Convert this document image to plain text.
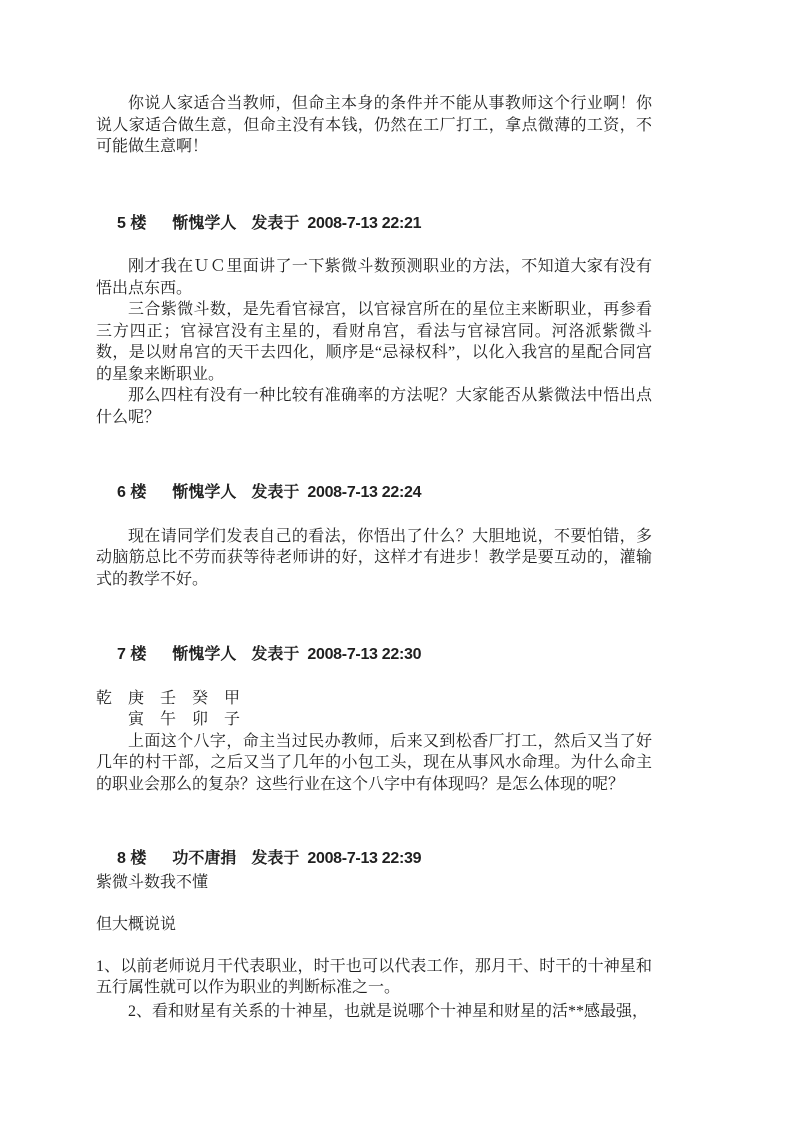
你说人家适合当教师，但命主本身的条件并不能从事教师这个行业啊！你说人家适合做生意，但命主没有本钱，仍然在工厂打工，拿点微薄的工资，不可能做生意啊！

5 楼 惭愧学人 发表于 2008-7-13 22:21

刚才我在ＵＣ里面讲了一下紫微斗数预测职业的方法，不知道大家有没有悟出点东西。

三合紫微斗数，是先看官禄宫，以官禄宫所在的星位主来断职业，再参看三方四正；官禄宫没有主星的，看财帛宫，看法与官禄宫同。河洛派紫微斗数，是以财帛宫的天干去四化，顺序是“忌禄权科”，以化入我宫的星配合同宫的星象来断职业。

那么四柱有没有一种比较有准确率的方法呢？大家能否从紫微法中悟出点什么呢？

6 楼 惭愧学人 发表于 2008-7-13 22:24

现在请同学们发表自己的看法，你悟出了什么？大胆地说，不要怕错，多动脑筋总比不劳而获等待老师讲的好，这样才有进步！教学是要互动的，灌输式的教学不好。

7 楼 惭愧学人 发表于 2008-7-13 22:30

乾　庚　壬　癸　甲

　　寅　午　卯　子

上面这个八字，命主当过民办教师，后来又到松香厂打工，然后又当了好几年的村干部，之后又当了几年的小包工头，现在从事风水命理。为什么命主的职业会那么的复杂？这些行业在这个八字中有体现吗？是怎么体现的呢？

8 楼 功不唐捐 发表于 2008-7-13 22:39

紫微斗数我不懂

但大概说说

1、以前老师说月干代表职业，时干也可以代表工作，那月干、时干的十神星和五行属性就可以作为职业的判断标准之一。

2、看和财星有关系的十神星，也就是说哪个十神星和财星的活**感最强，
